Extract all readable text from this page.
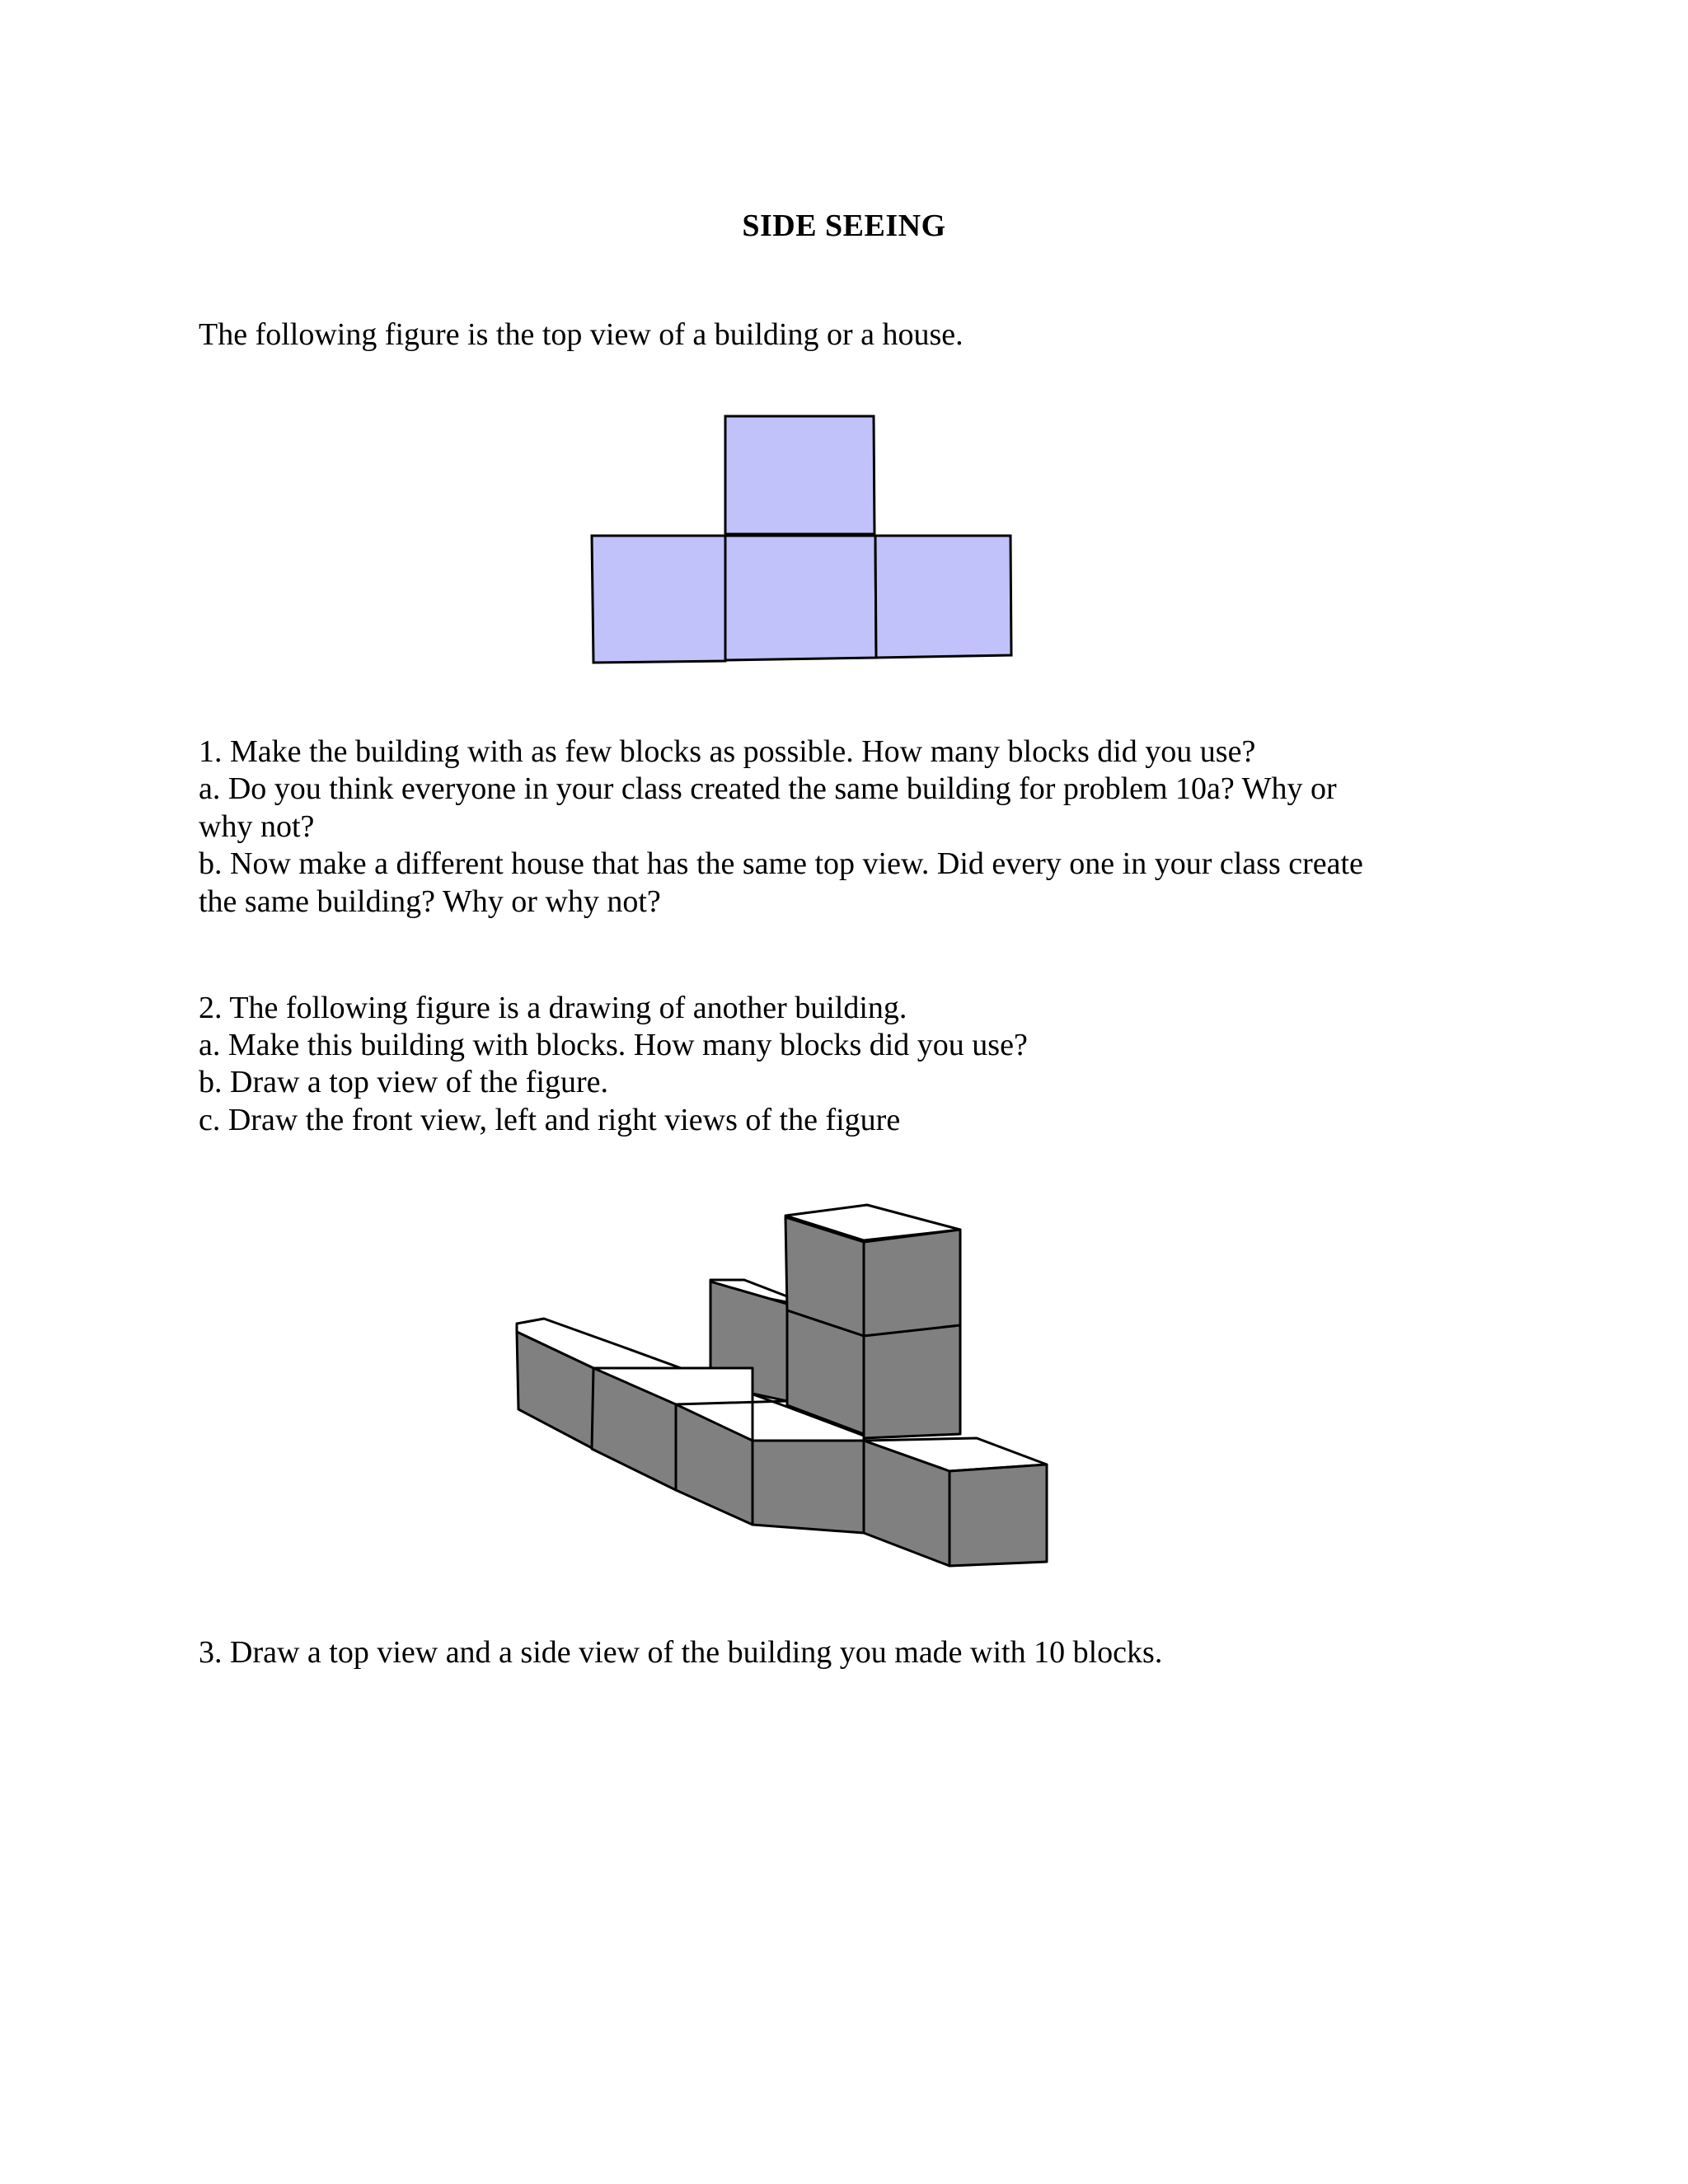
SIDE SEEING
The following figure is the top view of a building or a house.
1. Make the building with as few blocks as possible. How many blocks did you use?
a. Do you think everyone in your class created the same building for problem 10a? Why or
why not?
b. Now make a different house that has the same top view. Did every one in your class create
the same building? Why or why not?
2. The following figure is a drawing of another building.
a. Make this building with blocks. How many blocks did you use?
b. Draw a top view of the figure.
c. Draw the front view, left and right views of the figure
3. Draw a top view and a side view of the building you made with 10 blocks.
